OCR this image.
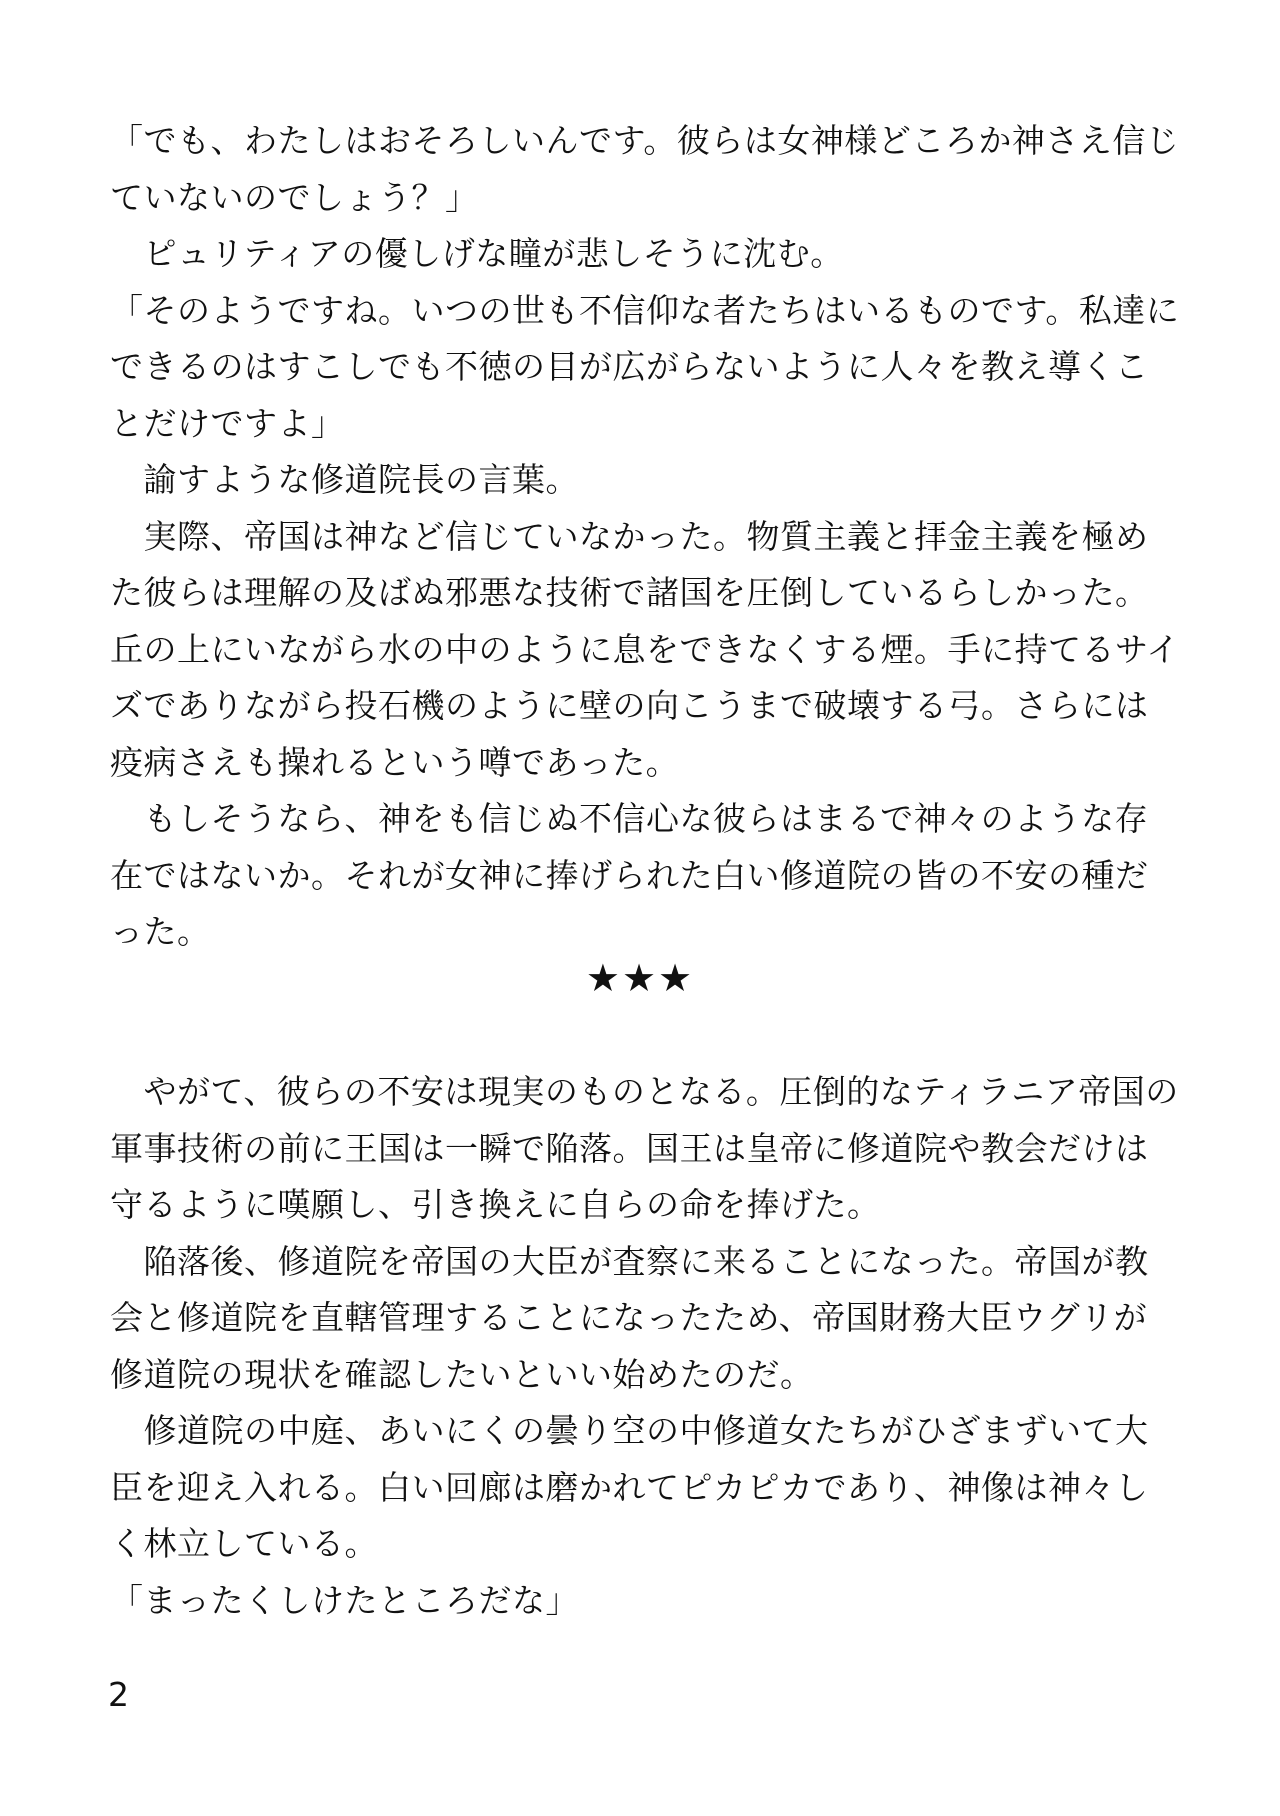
「でも、わたしはおそろしいんです。彼らは女神様どころか神さえ信じていないのでしょう？」

　ピュリティアの優しげな瞳が悲しそうに沈む。

「そのようですね。いつの世も不信仰な者たちはいるものです。私達にできるのはすこしでも不徳の目が広がらないように人々を教え導くことだけですよ」

　諭すような修道院長の言葉。

　実際、帝国は神など信じていなかった。物質主義と拝金主義を極めた彼らは理解の及ばぬ邪悪な技術で諸国を圧倒しているらしかった。丘の上にいながら水の中のように息をできなくする煙。手に持てるサイズでありながら投石機のように壁の向こうまで破壊する弓。さらには疫病さえも操れるという噂であった。

　もしそうなら、神をも信じぬ不信心な彼らはまるで神々のような存在ではないか。それが女神に捧げられた白い修道院の皆の不安の種だった。

★★★

　やがて、彼らの不安は現実のものとなる。圧倒的なティラニア帝国の軍事技術の前に王国は一瞬で陥落。国王は皇帝に修道院や教会だけは守るように嘆願し、引き換えに自らの命を捧げた。

　陥落後、修道院を帝国の大臣が査察に来ることになった。帝国が教会と修道院を直轄管理することになったため、帝国財務大臣ウグリが修道院の現状を確認したいといい始めたのだ。

　修道院の中庭、あいにくの曇り空の中修道女たちがひざまずいて大臣を迎え入れる。白い回廊は磨かれてピカピカであり、神像は神々しく林立している。

「まったくしけたところだな」

2
